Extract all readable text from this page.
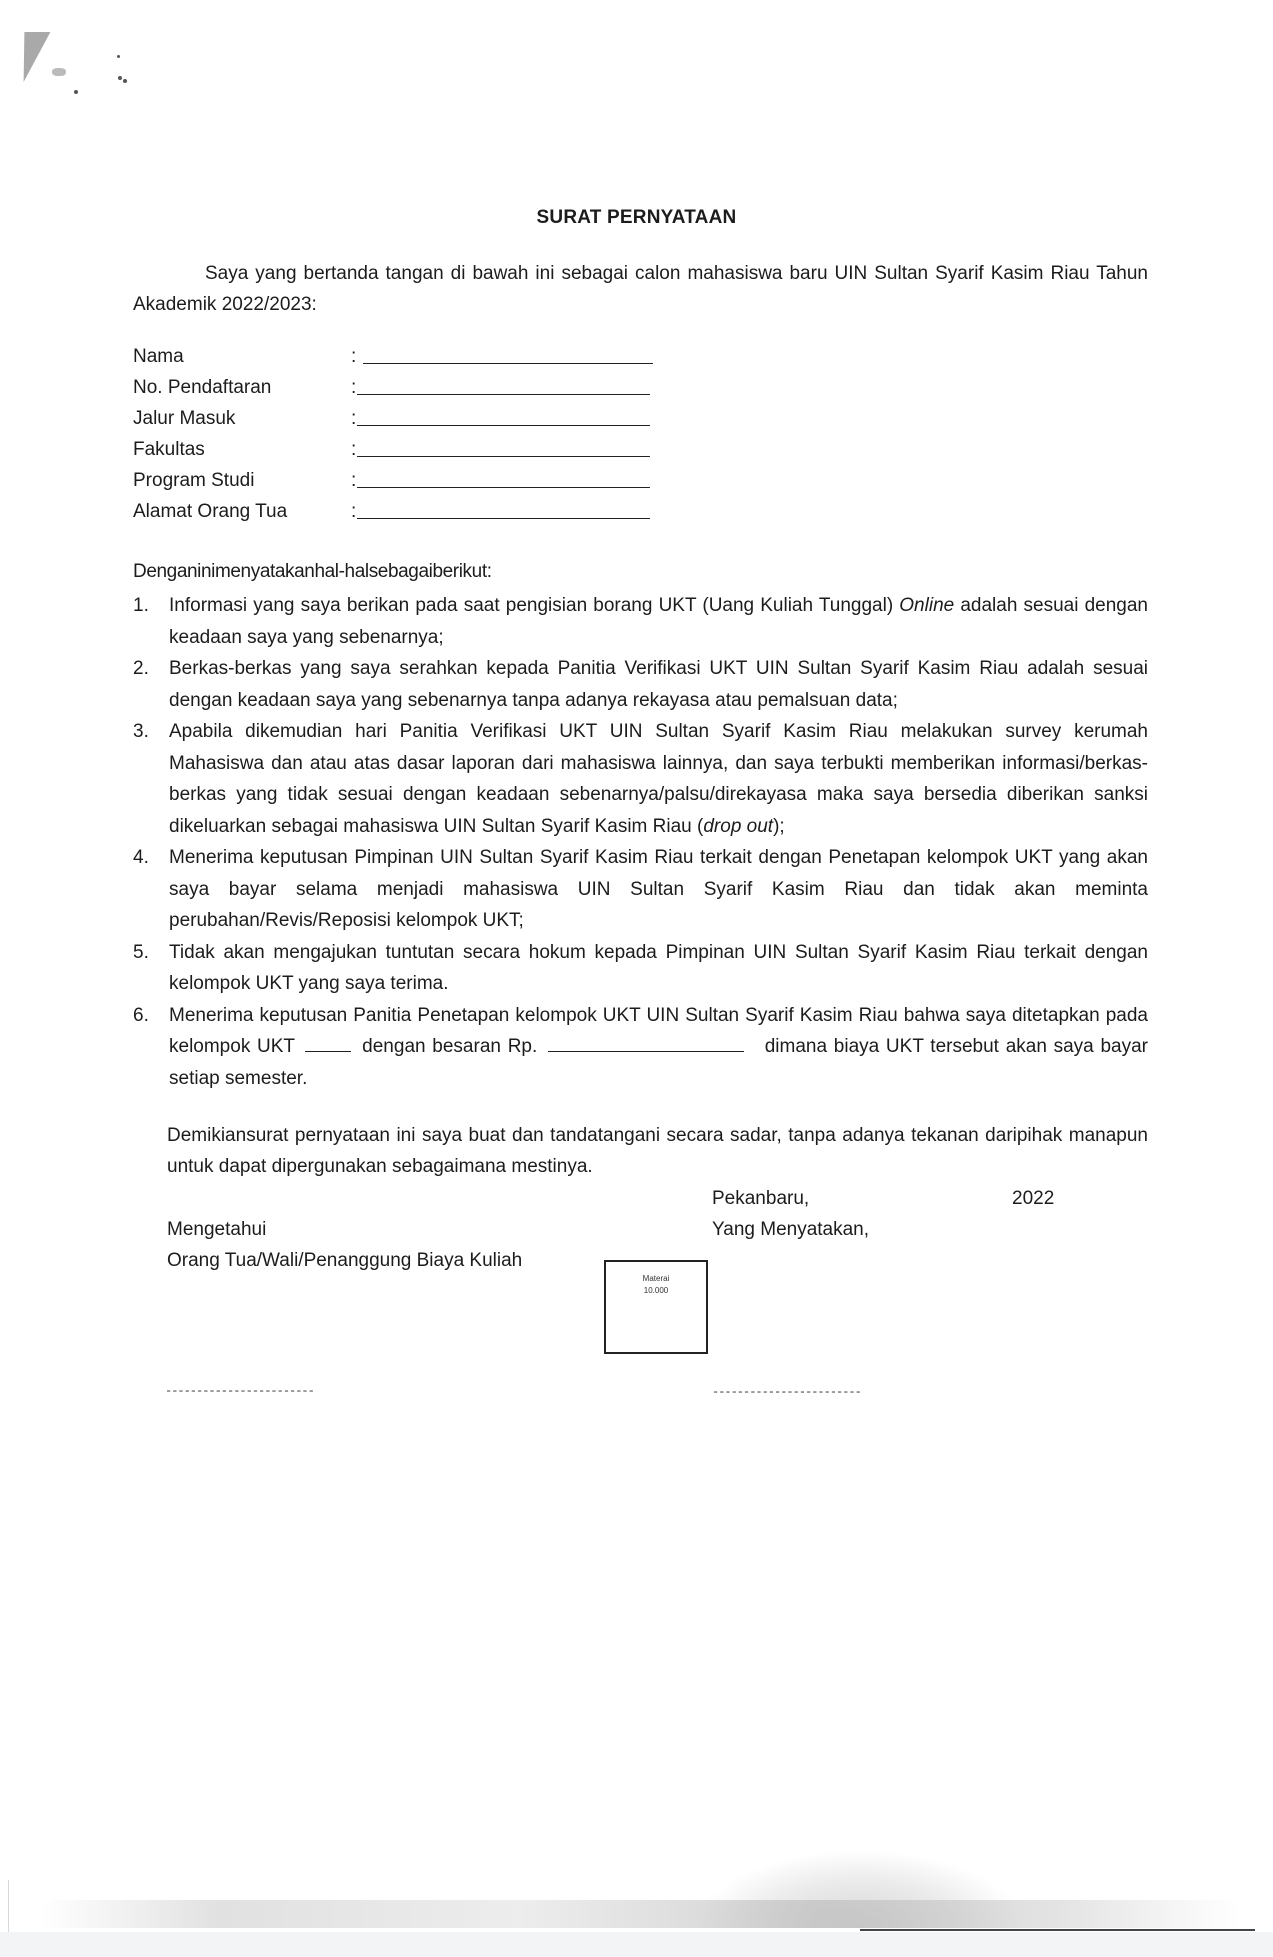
SURAT PERNYATAAN
Saya yang bertanda tangan di bawah ini sebagai calon mahasiswa baru UIN Sultan Syarif Kasim Riau Tahun Akademik 2022/2023:
Nama	:
No. Pendaftaran	:
Jalur Masuk	:
Fakultas	:
Program Studi	:
Alamat Orang Tua	:
Denganinimenyatakanhal-halsebagaiberikut:
1. Informasi yang saya berikan pada saat pengisian borang UKT (Uang Kuliah Tunggal) Online adalah sesuai dengan keadaan saya yang sebenarnya;
2. Berkas-berkas yang saya serahkan kepada Panitia Verifikasi UKT UIN Sultan Syarif Kasim Riau adalah sesuai dengan keadaan saya yang sebenarnya tanpa adanya rekayasa atau pemalsuan data;
3. Apabila dikemudian hari Panitia Verifikasi UKT UIN Sultan Syarif Kasim Riau melakukan survey kerumah Mahasiswa dan atau atas dasar laporan dari mahasiswa lainnya, dan saya terbukti memberikan informasi/berkas-berkas yang tidak sesuai dengan keadaan sebenarnya/palsu/direkayasa maka saya bersedia diberikan sanksi dikeluarkan sebagai mahasiswa UIN Sultan Syarif Kasim Riau (drop out);
4. Menerima keputusan Pimpinan UIN Sultan Syarif Kasim Riau terkait dengan Penetapan kelompok UKT yang akan saya bayar selama menjadi mahasiswa UIN Sultan Syarif Kasim Riau dan tidak akan meminta perubahan/Revis/Reposisi kelompok UKT;
5. Tidak akan mengajukan tuntutan secara hokum kepada Pimpinan UIN Sultan Syarif Kasim Riau terkait dengan kelompok UKT yang saya terima.
6. Menerima keputusan Panitia Penetapan kelompok UKT UIN Sultan Syarif Kasim Riau bahwa saya ditetapkan pada kelompok UKT	dengan besaran Rp.	dimana biaya UKT tersebut akan saya bayar setiap semester.
Demikiansurat pernyataan ini saya buat dan tandatangani secara sadar, tanpa adanya tekanan daripihak manapun untuk dapat dipergunakan sebagaimana mestinya.
Pekanbaru,	2022
Mengetahui	Yang Menyatakan,
Orang Tua/Wali/Penanggung Biaya Kuliah
Materai
10.000
------------------------	------------------------
